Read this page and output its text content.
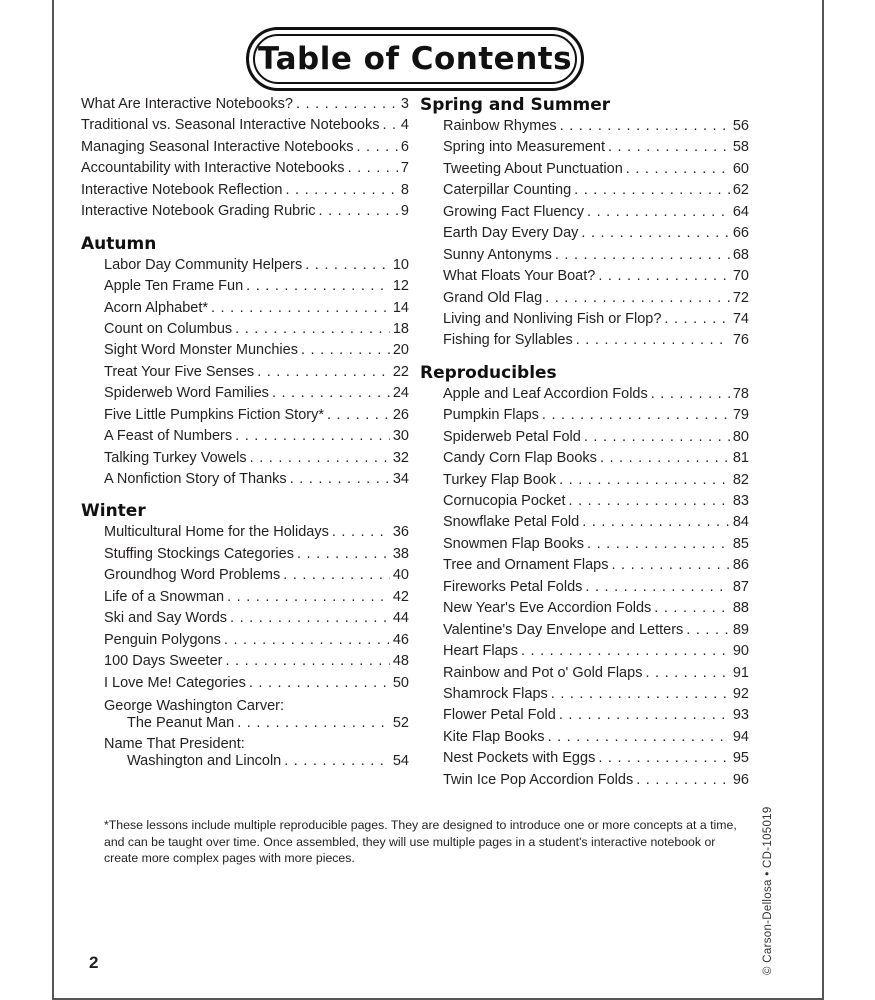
Table of Contents
What Are Interactive Notebooks? . . .	3
Traditional vs. Seasonal Interactive Notebooks . . . 4
Managing Seasonal Interactive Notebooks . . .	6
Accountability with Interactive Notebooks . . .	7
Interactive Notebook Reflection . . .	8
Interactive Notebook Grading Rubric . . .	9
Autumn
Labor Day Community Helpers . . .	10
Apple Ten Frame Fun . . .	12
Acorn Alphabet* . . .	14
Count on Columbus . . .	18
Sight Word Monster Munchies . . .	20
Treat Your Five Senses . . .	22
Spiderweb Word Families . . .	24
Five Little Pumpkins Fiction Story* . . .	26
A Feast of Numbers . . .	30
Talking Turkey Vowels . . .	32
A Nonfiction Story of Thanks . . .	34
Winter
Multicultural Home for the Holidays . . .	36
Stuffing Stockings Categories . . .	38
Groundhog Word Problems . . .	40
Life of a Snowman . . .	42
Ski and Say Words . . .	44
Penguin Polygons . . .	46
100 Days Sweeter . . .	48
I Love Me! Categories . . .	50
George Washington Carver:
The Peanut Man . . .	52
Name That President:
Washington and Lincoln . . .	54
Spring and Summer
Rainbow Rhymes . . .	56
Spring into Measurement . . .	58
Tweeting About Punctuation . . .	60
Caterpillar Counting . . .	62
Growing Fact Fluency . . .	64
Earth Day Every Day . . .	66
Sunny Antonyms . . .	68
What Floats Your Boat? . . .	70
Grand Old Flag . . .	72
Living and Nonliving Fish or Flop? . . .	74
Fishing for Syllables . . .	76
Reproducibles
Apple and Leaf Accordion Folds . . .	78
Pumpkin Flaps . . .	79
Spiderweb Petal Fold . . .	80
Candy Corn Flap Books . . .	81
Turkey Flap Book . . .	82
Cornucopia Pocket . . .	83
Snowflake Petal Fold . . .	84
Snowmen Flap Books . . .	85
Tree and Ornament Flaps . . .	86
Fireworks Petal Folds . . .	87
New Year's Eve Accordion Folds . . .	88
Valentine's Day Envelope and Letters . . .	89
Heart Flaps . . .	90
Rainbow and Pot o' Gold Flaps . . .	91
Shamrock Flaps . . .	92
Flower Petal Fold . . .	93
Kite Flap Books . . .	94
Nest Pockets with Eggs . . .	95
Twin Ice Pop Accordion Folds . . .	96
*These lessons include multiple reproducible pages. They are designed to introduce one or more concepts at a time, and can be taught over time. Once assembled, they will use multiple pages in a student's interactive notebook or create more complex pages with more pieces.
2	© Carson-Dellosa • CD-105019
